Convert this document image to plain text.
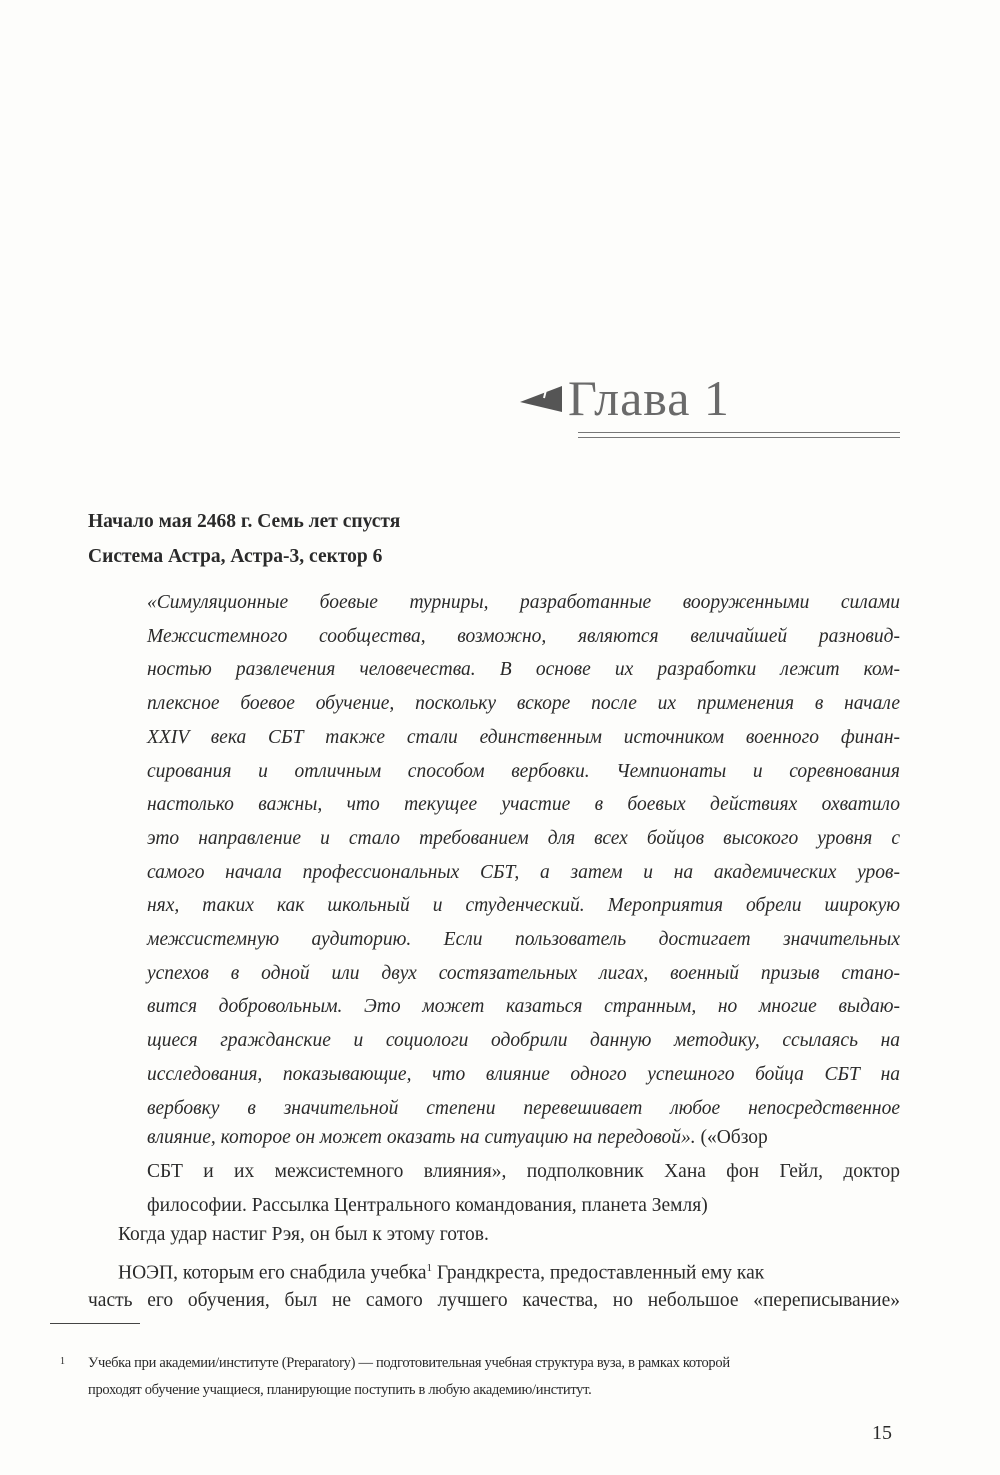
Глава 1
Начало мая 2468 г. Семь лет спустя
Система Астра, Астра-3, сектор 6
«Симуляционные боевые турниры, разработанные вооруженными силами
Межсистемного сообщества, возможно, являются величайшей разновид-
ностью развлечения человечества. В основе их разработки лежит ком-
плексное боевое обучение, поскольку вскоре после их применения в начале
XXIV века СБТ также стали единственным источником военного финан-
сирования и отличным способом вербовки. Чемпионаты и соревнования
настолько важны, что текущее участие в боевых действиях охватило
это направление и стало требованием для всех бойцов высокого уровня с
самого начала профессиональных СБТ, а затем и на академических уров-
нях, таких как школьный и студенческий. Мероприятия обрели широкую
межсистемную аудиторию. Если пользователь достигает значительных
успехов в одной или двух состязательных лигах, военный призыв стано-
вится добровольным. Это может казаться странным, но многие выдаю-
щиеся гражданские и социологи одобрили данную методику, ссылаясь на
исследования, показывающие, что влияние одного успешного бойца СБТ на
вербовку в значительной степени перевешивает любое непосредственное
влияние, которое он может оказать на ситуацию на передовой». («Обзор
СБТ и их межсистемного влияния», подполковник Хана фон Гейл, доктор
философии. Рассылка Центрального командования, планета Земля)
Когда удар настиг Рэя, он был к этому готов.
НОЭП, которым его снабдила учебка$^1$ Грандкреста, предоставленный ему как
часть его обучения, был не самого лучшего качества, но небольшое «переписывание»
1 Учебка при академии/институте (Preparatory) — подготовительная учебная структура вуза, в рамках которой
проходят обучение учащиеся, планирующие поступить в любую академию/институт.
15
